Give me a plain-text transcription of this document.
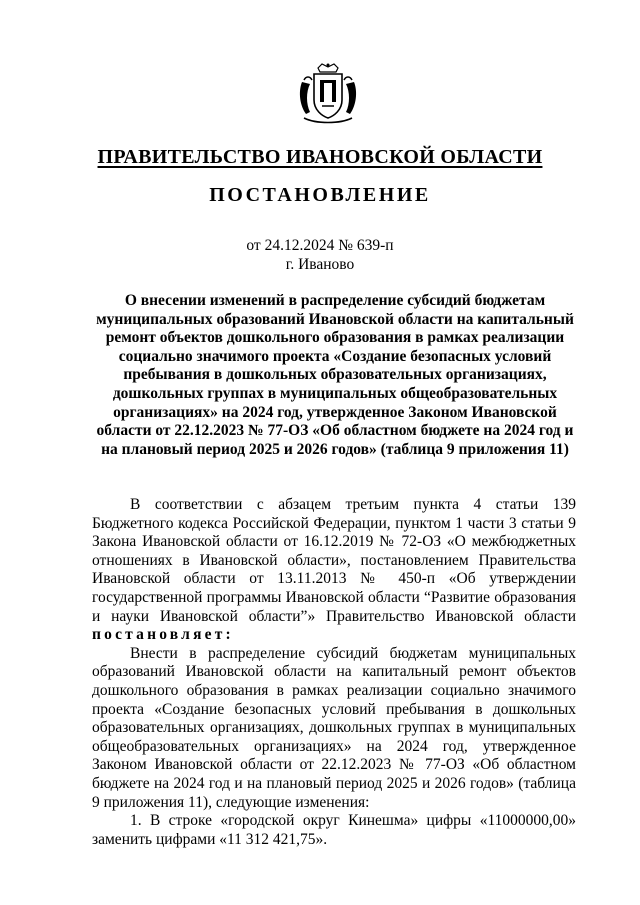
ПРАВИТЕЛЬСТВО ИВАНОВСКОЙ ОБЛАСТИ
ПОСТАНОВЛЕНИЕ
от 24.12.2024 № 639-п
г. Иваново
О внесении изменений в распределение субсидий бюджетам муниципальных образований Ивановской области на капитальный ремонт объектов дошкольного образования в рамках реализации социально значимого проекта «Создание безопасных условий пребывания в дошкольных образовательных организациях, дошкольных группах в муниципальных общеобразовательных организациях» на 2024 год, утвержденное Законом Ивановской области от 22.12.2023 № 77-ОЗ «Об областном бюджете на 2024 год и на плановый период 2025 и 2026 годов» (таблица 9 приложения 11)

В соответствии с абзацем третьим пункта 4 статьи 139 Бюджетного кодекса Российской Федерации, пунктом 1 части 3 статьи 9 Закона Ивановской области от 16.12.2019 № 72-ОЗ «О межбюджетных отношениях в Ивановской области», постановлением Правительства Ивановской области от 13.11.2013 № 450-п «Об утверждении государственной программы Ивановской области “Развитие образования и науки Ивановской области”» Правительство Ивановской области постановляет:

Внести в распределение субсидий бюджетам муниципальных образований Ивановской области на капитальный ремонт объектов дошкольного образования в рамках реализации социально значимого проекта «Создание безопасных условий пребывания в дошкольных образовательных организациях, дошкольных группах в муниципальных общеобразовательных организациях» на 2024 год, утвержденное Законом Ивановской области от 22.12.2023 № 77-ОЗ «Об областном бюджете на 2024 год и на плановый период 2025 и 2026 годов» (таблица 9 приложения 11), следующие изменения:

1. В строке «городской округ Кинешма» цифры «11000000,00» заменить цифрами «11 312 421,75».
